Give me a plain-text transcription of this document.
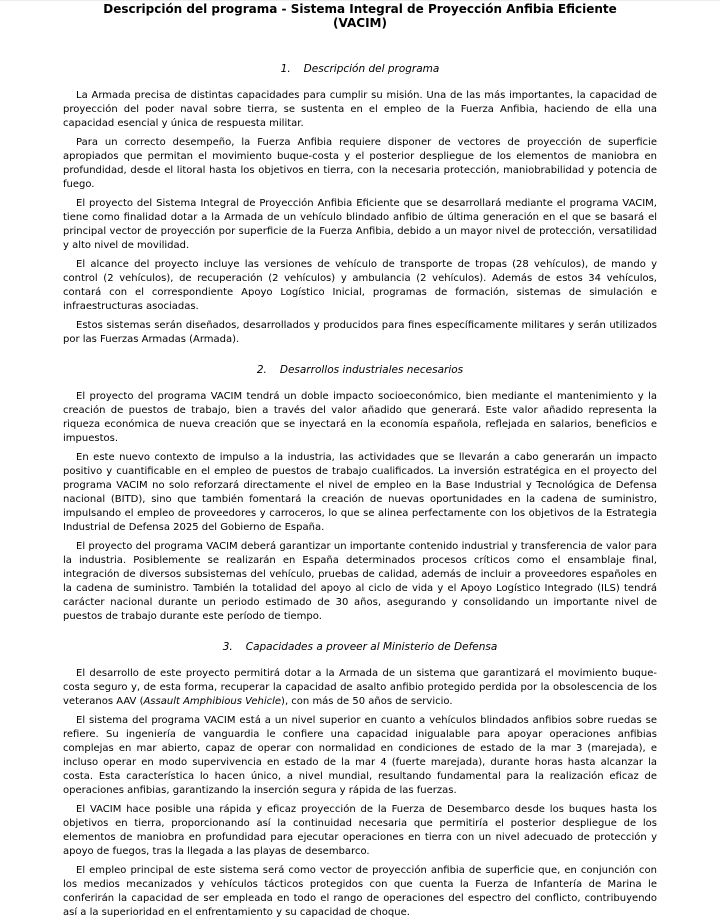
Descripción del programa - Sistema Integral de Proyección Anfibia Eficiente
(VACIM)
1. Descripción del programa

La Armada precisa de distintas capacidades para cumplir su misión. Una de las más importantes, la capacidad de proyección del poder naval sobre tierra, se sustenta en el empleo de la Fuerza Anfibia, haciendo de ella una capacidad esencial y única de respuesta militar.

Para un correcto desempeño, la Fuerza Anfibia requiere disponer de vectores de proyección de superficie apropiados que permitan el movimiento buque-costa y el posterior despliegue de los elementos de maniobra en profundidad, desde el litoral hasta los objetivos en tierra, con la necesaria protección, maniobrabilidad y potencia de fuego.

El proyecto del Sistema Integral de Proyección Anfibia Eficiente que se desarrollará mediante el programa VACIM, tiene como finalidad dotar a la Armada de un vehículo blindado anfibio de última generación en el que se basará el principal vector de proyección por superficie de la Fuerza Anfibia, debido a un mayor nivel de protección, versatilidad y alto nivel de movilidad.

El alcance del proyecto incluye las versiones de vehículo de transporte de tropas (28 vehículos), de mando y control (2 vehículos), de recuperación (2 vehículos) y ambulancia (2 vehículos). Además de estos 34 vehículos, contará con el correspondiente Apoyo Logístico Inicial, programas de formación, sistemas de simulación e infraestructuras asociadas.

Estos sistemas serán diseñados, desarrollados y producidos para fines específicamente militares y serán utilizados por las Fuerzas Armadas (Armada).

2. Desarrollos industriales necesarios

El proyecto del programa VACIM tendrá un doble impacto socioeconómico, bien mediante el mantenimiento y la creación de puestos de trabajo, bien a través del valor añadido que generará. Este valor añadido representa la riqueza económica de nueva creación que se inyectará en la economía española, reflejada en salarios, beneficios e impuestos.

En este nuevo contexto de impulso a la industria, las actividades que se llevarán a cabo generarán un impacto positivo y cuantificable en el empleo de puestos de trabajo cualificados. La inversión estratégica en el proyecto del programa VACIM no solo reforzará directamente el nivel de empleo en la Base Industrial y Tecnológica de Defensa nacional (BITD), sino que también fomentará la creación de nuevas oportunidades en la cadena de suministro, impulsando el empleo de proveedores y carroceros, lo que se alinea perfectamente con los objetivos de la Estrategia Industrial de Defensa 2025 del Gobierno de España.

El proyecto del programa VACIM deberá garantizar un importante contenido industrial y transferencia de valor para la industria. Posiblemente se realizarán en España determinados procesos críticos como el ensamblaje final, integración de diversos subsistemas del vehículo, pruebas de calidad, además de incluir a proveedores españoles en la cadena de suministro. También la totalidad del apoyo al ciclo de vida y el Apoyo Logístico Integrado (ILS) tendrá carácter nacional durante un periodo estimado de 30 años, asegurando y consolidando un importante nivel de puestos de trabajo durante este período de tiempo.

3. Capacidades a proveer al Ministerio de Defensa

El desarrollo de este proyecto permitirá dotar a la Armada de un sistema que garantizará el movimiento buque-costa seguro y, de esta forma, recuperar la capacidad de asalto anfibio protegido perdida por la obsolescencia de los veteranos AAV (Assault Amphibious Vehicle), con más de 50 años de servicio.

El sistema del programa VACIM está a un nivel superior en cuanto a vehículos blindados anfibios sobre ruedas se refiere. Su ingeniería de vanguardia le confiere una capacidad inigualable para apoyar operaciones anfibias complejas en mar abierto, capaz de operar con normalidad en condiciones de estado de la mar 3 (marejada), e incluso operar en modo supervivencia en estado de la mar 4 (fuerte marejada), durante horas hasta alcanzar la costa. Esta característica lo hacen único, a nivel mundial, resultando fundamental para la realización eficaz de operaciones anfibias, garantizando la inserción segura y rápida de las fuerzas.

El VACIM hace posible una rápida y eficaz proyección de la Fuerza de Desembarco desde los buques hasta los objetivos en tierra, proporcionando así la continuidad necesaria que permitiría el posterior despliegue de los elementos de maniobra en profundidad para ejecutar operaciones en tierra con un nivel adecuado de protección y apoyo de fuegos, tras la llegada a las playas de desembarco.

El empleo principal de este sistema será como vector de proyección anfibia de superficie que, en conjunción con los medios mecanizados y vehículos tácticos protegidos con que cuenta la Fuerza de Infantería de Marina le conferirán la capacidad de ser empleada en todo el rango de operaciones del espectro del conflicto, contribuyendo así a la superioridad en el enfrentamiento y su capacidad de choque.
